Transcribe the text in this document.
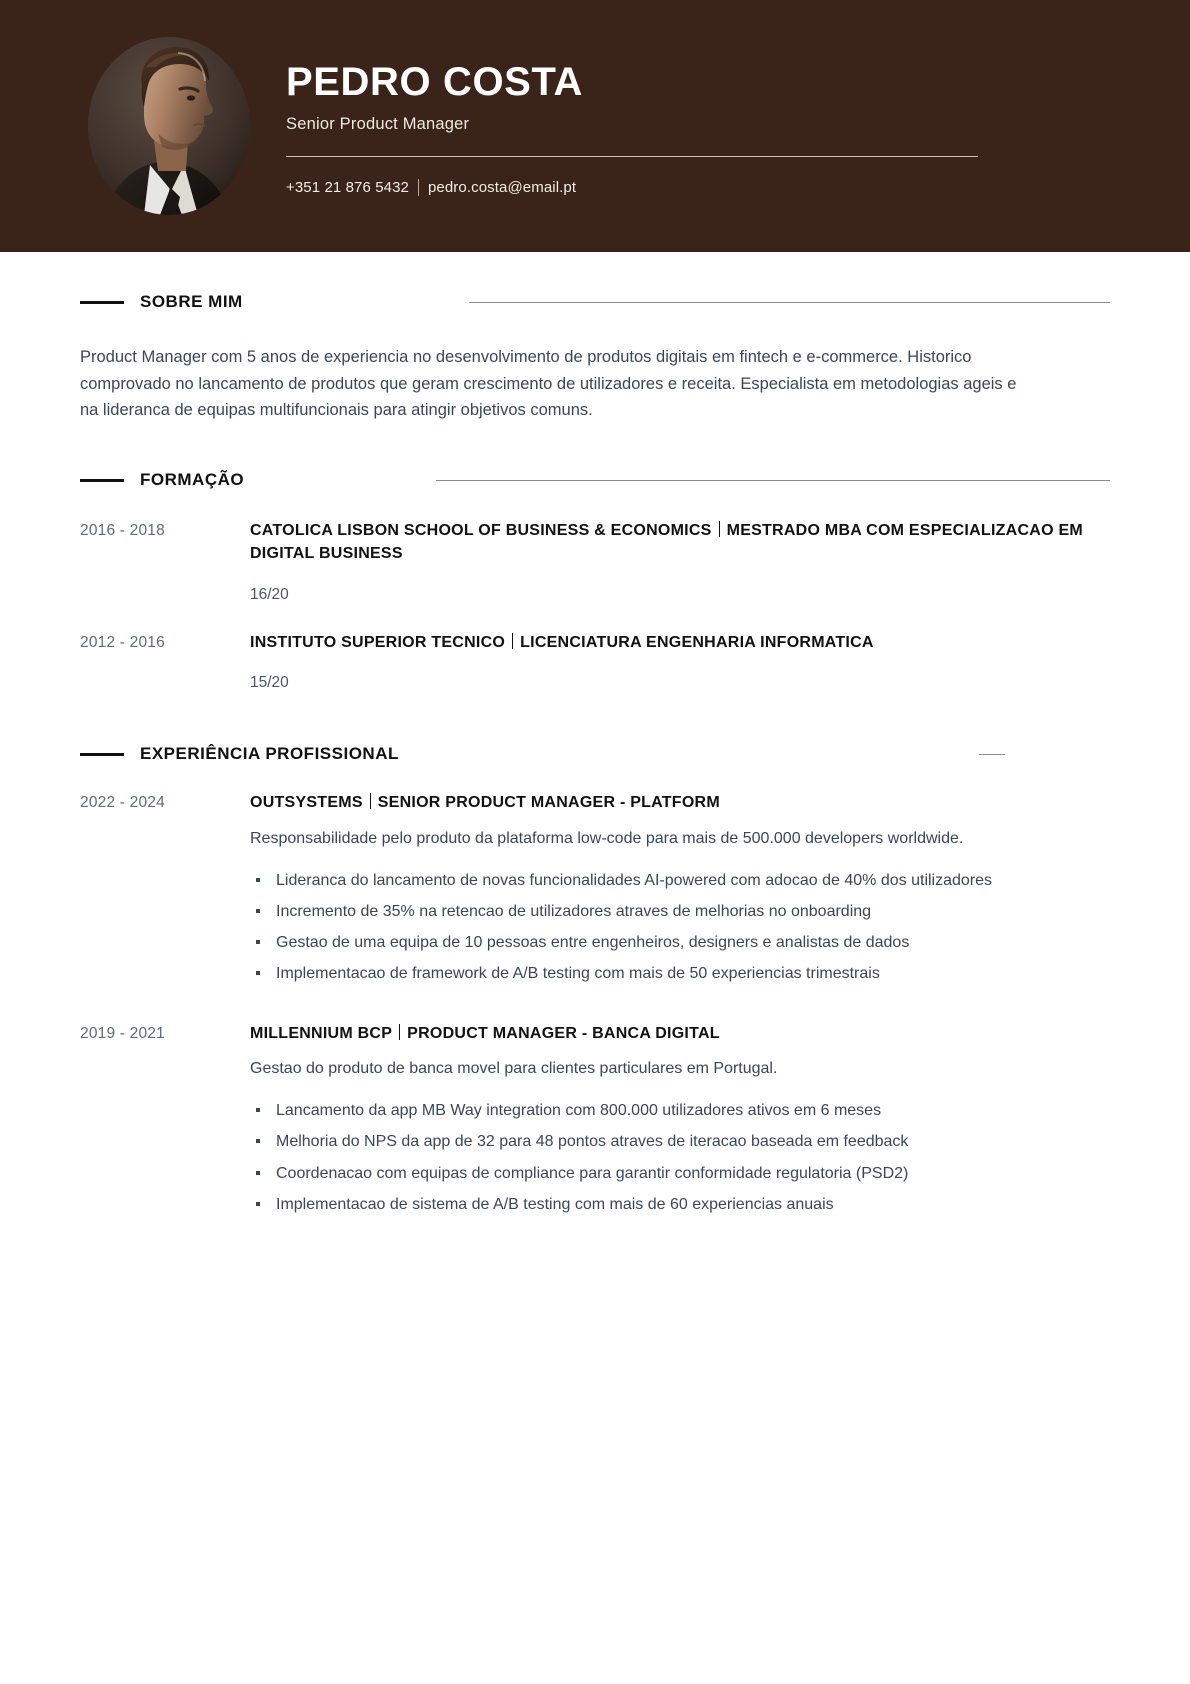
PEDRO COSTA
Senior Product Manager
+351 21 876 5432 pedro.costa@email.pt
SOBRE MIM

Product Manager com 5 anos de experiencia no desenvolvimento de produtos digitais em fintech e e-commerce. Historico comprovado no lancamento de produtos que geram crescimento de utilizadores e receita. Especialista em metodologias ageis e na lideranca de equipas multifuncionais para atingir objetivos comuns.

FORMAÇÃO
2016 - 2018	CATOLICA LISBON SCHOOL OF BUSINESS & ECONOMICS MESTRADO MBA COM ESPECIALIZACAO EM DIGITAL BUSINESS
16/20
2012 - 2016	INSTITUTO SUPERIOR TECNICO LICENCIATURA ENGENHARIA INFORMATICA
15/20
EXPERIÊNCIA PROFISSIONAL
2022 - 2024	OUTSYSTEMS SENIOR PRODUCT MANAGER - PLATFORM

Responsabilidade pelo produto da plataforma low-code para mais de 500.000 developers worldwide.

Lideranca do lancamento de novas funcionalidades AI-powered com adocao de 40% dos utilizadores
Incremento de 35% na retencao de utilizadores atraves de melhorias no onboarding
Gestao de uma equipa de 10 pessoas entre engenheiros, designers e analistas de dados
Implementacao de framework de A/B testing com mais de 50 experiencias trimestrais
2019 - 2021	MILLENNIUM BCP PRODUCT MANAGER - BANCA DIGITAL

Gestao do produto de banca movel para clientes particulares em Portugal.

Lancamento da app MB Way integration com 800.000 utilizadores ativos em 6 meses
Melhoria do NPS da app de 32 para 48 pontos atraves de iteracao baseada em feedback
Coordenacao com equipas de compliance para garantir conformidade regulatoria (PSD2)
Implementacao de sistema de A/B testing com mais de 60 experiencias anuais
